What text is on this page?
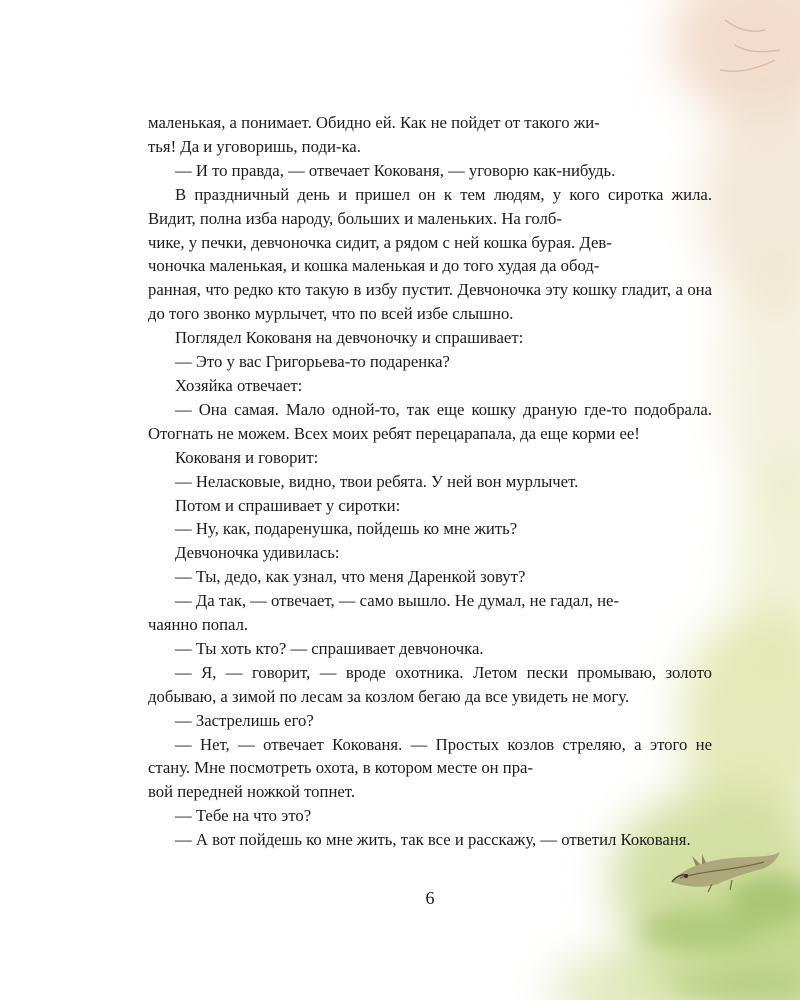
маленькая, а понимает. Обидно ей. Как не пойдет от такого жи-
тья! Да и уговоришь, поди-ка.

— И то правда, — отвечает Кокованя, — уговорю как-нибудь.

В праздничный день и пришел он к тем людям, у кого сиротка жила. Видит, полна изба народу, больших и маленьких. На голб-
чике, у печки, девчоночка сидит, а рядом с ней кошка бурая. Дев-
чоночка маленькая, и кошка маленькая и до того худая да обод-
ранная, что редко кто такую в избу пустит. Девчоночка эту кошку гладит, а она до того звонко мурлычет, что по всей избе слышно.

Поглядел Кокованя на девчоночку и спрашивает:

— Это у вас Григорьева-то подаренка?

Хозяйка отвечает:

— Она самая. Мало одной-то, так еще кошку драную где-то подобрала. Отогнать не можем. Всех моих ребят перецарапала, да еще корми ее!

Кокованя и говорит:

— Неласковые, видно, твои ребята. У ней вон мурлычет.

Потом и спрашивает у сиротки:

— Ну, как, подаренушка, пойдешь ко мне жить?

Девчоночка удивилась:

— Ты, дедо, как узнал, что меня Даренкой зовут?

— Да так, — отвечает, — само вышло. Не думал, не гадал, не-
чаянно попал.

— Ты хоть кто? — спрашивает девчоночка.

— Я, — говорит, — вроде охотника. Летом пески промываю, золото добываю, а зимой по лесам за козлом бегаю да все увидеть не могу.

— Застрелишь его?

— Нет, — отвечает Кокованя. — Простых козлов стреляю, а этого не стану. Мне посмотреть охота, в котором месте он пра-
вой передней ножкой топнет.

— Тебе на что это?

— А вот пойдешь ко мне жить, так все и расскажу, — ответил Кокованя.

6
